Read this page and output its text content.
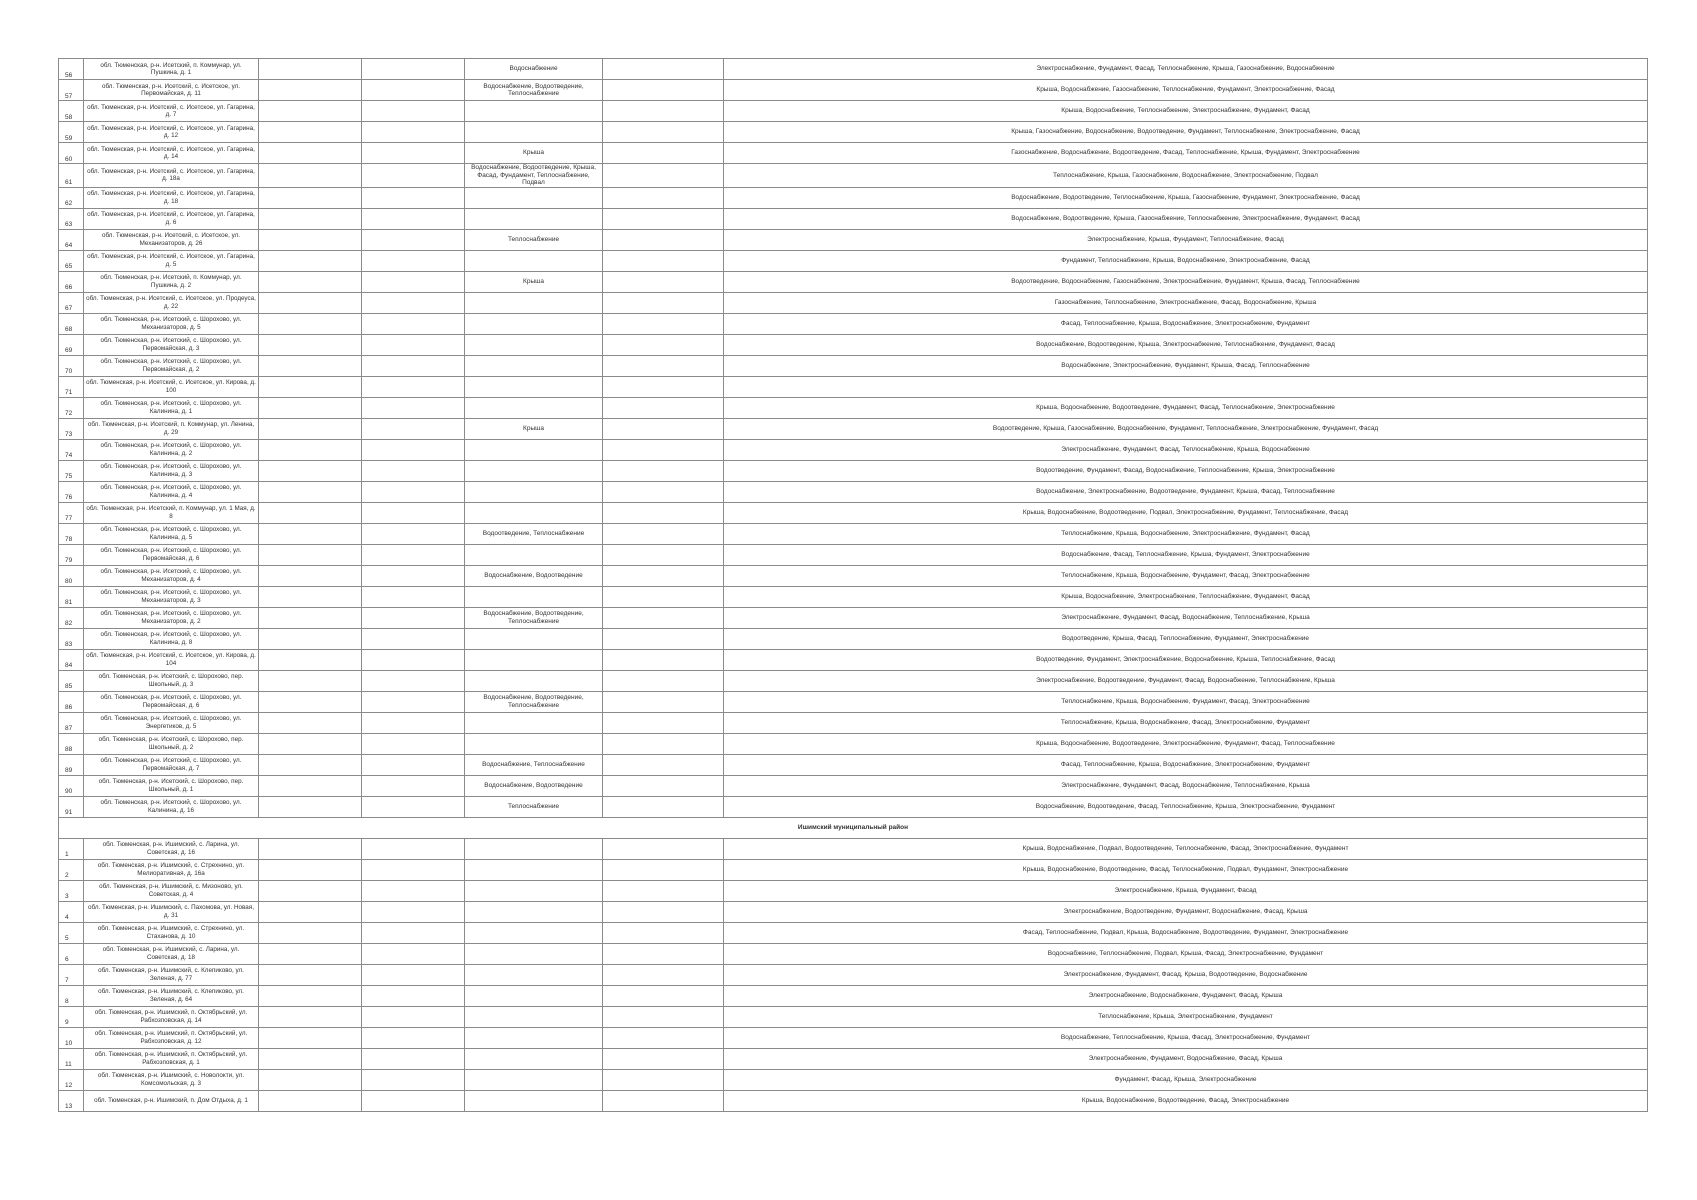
56	обл. Тюменская, р-н. Исетский, п. Коммунар, ул. Пушкина, д. 1			Водоснабжение		Электроснабжение, Фундамент, Фасад, Теплоснабжение, Крыша, Газоснабжение, Водоснабжение
57	обл. Тюменская, р-н. Исетский, с. Исетское, ул. Первомайская, д. 11			Водоснабжение, Водоотведение, Теплоснабжение		Крыша, Водоснабжение, Газоснабжение, Теплоснабжение, Фундамент, Электроснабжение, Фасад
58	обл. Тюменская, р-н. Исетский, с. Исетское, ул. Гагарина, д. 7					Крыша, Водоснабжение, Теплоснабжение, Электроснабжение, Фундамент, Фасад
59	обл. Тюменская, р-н. Исетский, с. Исетское, ул. Гагарина, д. 12					Крыша, Газоснабжение, Водоснабжение, Водоотведение, Фундамент, Теплоснабжение, Электроснабжение, Фасад
60	обл. Тюменская, р-н. Исетский, с. Исетское, ул. Гагарина, д. 14			Крыша		Газоснабжение, Водоснабжение, Водоотведение, Фасад, Теплоснабжение, Крыша, Фундамент, Электроснабжение
61	обл. Тюменская, р-н. Исетский, с. Исетское, ул. Гагарина, д. 18а			Водоснабжение, Водоотведение, Крыша, Фасад, Фундамент, Теплоснабжение, Подвал		Теплоснабжение, Крыша, Газоснабжение, Водоснабжение, Электроснабжение, Подвал
62	обл. Тюменская, р-н. Исетский, с. Исетское, ул. Гагарина, д. 18					Водоснабжение, Водоотведение, Теплоснабжение, Крыша, Газоснабжение, Фундамент, Электроснабжение, Фасад
63	обл. Тюменская, р-н. Исетский, с. Исетское, ул. Гагарина, д. 6					Водоснабжение, Водоотведение, Крыша, Газоснабжение, Теплоснабжение, Электроснабжение, Фундамент, Фасад
64	обл. Тюменская, р-н. Исетский, с. Исетское, ул. Механизаторов, д. 26			Теплоснабжение		Электроснабжение, Крыша, Фундамент, Теплоснабжение, Фасад
65	обл. Тюменская, р-н. Исетский, с. Исетское, ул. Гагарина, д. 5					Фундамент, Теплоснабжение, Крыша, Водоснабжение, Электроснабжение, Фасад
66	обл. Тюменская, р-н. Исетский, п. Коммунар, ул. Пушкина, д. 2			Крыша		Водоотведение, Водоснабжение, Газоснабжение, Электроснабжение, Фундамент, Крыша, Фасад, Теплоснабжение
67	обл. Тюменская, р-н. Исетский, с. Исетское, ул. Продеуса, д. 22					Газоснабжение, Теплоснабжение, Электроснабжение, Фасад, Водоснабжение, Крыша
68	обл. Тюменская, р-н. Исетский, с. Шорохово, ул. Механизаторов, д. 5					Фасад, Теплоснабжение, Крыша, Водоснабжение, Электроснабжение, Фундамент
69	обл. Тюменская, р-н. Исетский, с. Шорохово, ул. Первомайская, д. 3					Водоснабжение, Водоотведение, Крыша, Электроснабжение, Теплоснабжение, Фундамент, Фасад
70	обл. Тюменская, р-н. Исетский, с. Шорохово, ул. Первомайская, д. 2					Водоснабжение, Электроснабжение, Фундамент, Крыша, Фасад, Теплоснабжение
71	обл. Тюменская, р-н. Исетский, с. Исетское, ул. Кирова, д. 100					
72	обл. Тюменская, р-н. Исетский, с. Шорохово, ул. Калинина, д. 1					Крыша, Водоснабжение, Водоотведение, Фундамент, Фасад, Теплоснабжение, Электроснабжение
73	обл. Тюменская, р-н. Исетский, п. Коммунар, ул. Ленина, д. 29			Крыша		Водоотведение, Крыша, Газоснабжение, Водоснабжение, Фундамент, Теплоснабжение, Электроснабжение, Фундамент, Фасад
74	обл. Тюменская, р-н. Исетский, с. Шорохово, ул. Калинина, д. 2					Электроснабжение, Фундамент, Фасад, Теплоснабжение, Крыша, Водоснабжение
75	обл. Тюменская, р-н. Исетский, с. Шорохово, ул. Калинина, д. 3					Водоотведение, Фундамент, Фасад, Водоснабжение, Теплоснабжение, Крыша, Электроснабжение
76	обл. Тюменская, р-н. Исетский, с. Шорохово, ул. Калинина, д. 4					Водоснабжение, Электроснабжение, Водоотведение, Фундамент, Крыша, Фасад, Теплоснабжение
77	обл. Тюменская, р-н. Исетский, п. Коммунар, ул. 1 Мая, д. 8					Крыша, Водоснабжение, Водоотведение, Подвал, Электроснабжение, Фундамент, Теплоснабжение, Фасад
78	обл. Тюменская, р-н. Исетский, с. Шорохово, ул. Калинина, д. 5			Водоотведение, Теплоснабжение		Теплоснабжение, Крыша, Водоснабжение, Электроснабжение, Фундамент, Фасад
79	обл. Тюменская, р-н. Исетский, с. Шорохово, ул. Первомайская, д. 6					Водоснабжение, Фасад, Теплоснабжение, Крыша, Фундамент, Электроснабжение
80	обл. Тюменская, р-н. Исетский, с. Шорохово, ул. Механизаторов, д. 4			Водоснабжение, Водоотведение		Теплоснабжение, Крыша, Водоснабжение, Фундамент, Фасад, Электроснабжение
81	обл. Тюменская, р-н. Исетский, с. Шорохово, ул. Механизаторов, д. 3					Крыша, Водоснабжение, Электроснабжение, Теплоснабжение, Фундамент, Фасад
82	обл. Тюменская, р-н. Исетский, с. Шорохово, ул. Механизаторов, д. 2			Водоснабжение, Водоотведение, Теплоснабжение		Электроснабжение, Фундамент, Фасад, Водоснабжение, Теплоснабжение, Крыша
83	обл. Тюменская, р-н. Исетский, с. Шорохово, ул. Калинина, д. 8					Водоотведение, Крыша, Фасад, Теплоснабжение, Фундамент, Электроснабжение
84	обл. Тюменская, р-н. Исетский, с. Исетское, ул. Кирова, д. 104					Водоотведение, Фундамент, Электроснабжение, Водоснабжение, Крыша, Теплоснабжение, Фасад
85	обл. Тюменская, р-н. Исетский, с. Шорохово, пер. Школьный, д. 3					Электроснабжение, Водоотведение, Фундамент, Фасад, Водоснабжение, Теплоснабжение, Крыша
86	обл. Тюменская, р-н. Исетский, с. Шорохово, ул. Первомайская, д. 6			Водоснабжение, Водоотведение, Теплоснабжение		Теплоснабжение, Крыша, Водоснабжение, Фундамент, Фасад, Электроснабжение
87	обл. Тюменская, р-н. Исетский, с. Шорохово, ул. Энергетиков, д. 5					Теплоснабжение, Крыша, Водоснабжение, Фасад, Электроснабжение, Фундамент
88	обл. Тюменская, р-н. Исетский, с. Шорохово, пер. Школьный, д. 2					Крыша, Водоснабжение, Водоотведение, Электроснабжение, Фундамент, Фасад, Теплоснабжение
89	обл. Тюменская, р-н. Исетский, с. Шорохово, ул. Первомайская, д. 7			Водоснабжение, Теплоснабжение		Фасад, Теплоснабжение, Крыша, Водоснабжение, Электроснабжение, Фундамент
90	обл. Тюменская, р-н. Исетский, с. Шорохово, пер. Школьный, д. 1			Водоснабжение, Водоотведение		Электроснабжение, Фундамент, Фасад, Водоснабжение, Теплоснабжение, Крыша
91	обл. Тюменская, р-н. Исетский, с. Шорохово, ул. Калинина, д. 16			Теплоснабжение		Водоснабжение, Водоотведение, Фасад, Теплоснабжение, Крыша, Электроснабжение, Фундамент
Ишимский муниципальный район						
1	обл. Тюменская, р-н. Ишимский, с. Ларина, ул. Советская, д. 16					Крыша, Водоснабжение, Подвал, Водоотведение, Теплоснабжение, Фасад, Электроснабжение, Фундамент
2	обл. Тюменская, р-н. Ишимский, с. Стрехнино, ул. Мелиоративная, д. 16а					Крыша, Водоснабжение, Водоотведение, Фасад, Теплоснабжение, Подвал, Фундамент, Электроснабжение
3	обл. Тюменская, р-н. Ишимский, с. Мизоново, ул. Советская, д. 4					Электроснабжение, Крыша, Фундамент, Фасад
4	обл. Тюменская, р-н. Ишимский, с. Пахомова, ул. Новая, д. 31					Электроснабжение, Водоотведение, Фундамент, Водоснабжение, Фасад, Крыша
5	обл. Тюменская, р-н. Ишимский, с. Стрехнино, ул. Стаханова, д. 10					Фасад, Теплоснабжение, Подвал, Крыша, Водоснабжение, Водоотведение, Фундамент, Электроснабжение
6	обл. Тюменская, р-н. Ишимский, с. Ларина, ул. Советская, д. 18					Водоснабжение, Теплоснабжение, Подвал, Крыша, Фасад, Электроснабжение, Фундамент
7	обл. Тюменская, р-н. Ишимский, с. Клепиково, ул. Зеленая, д. 77					Электроснабжение, Фундамент, Фасад, Крыша, Водоотведение, Водоснабжение
8	обл. Тюменская, р-н. Ишимский, с. Клепиково, ул. Зеленая, д. 64					Электроснабжение, Водоснабжение, Фундамент, Фасад, Крыша
9	обл. Тюменская, р-н. Ишимский, п. Октябрьский, ул. Рабхозповская, д. 14					Теплоснабжение, Крыша, Электроснабжение, Фундамент
10	обл. Тюменская, р-н. Ишимский, п. Октябрьский, ул. Рабхозповская, д. 12					Водоснабжение, Теплоснабжение, Крыша, Фасад, Электроснабжение, Фундамент
11	обл. Тюменская, р-н. Ишимский, п. Октябрьский, ул. Рабхозповская, д. 1					Электроснабжение, Фундамент, Водоснабжение, Фасад, Крыша
12	обл. Тюменская, р-н. Ишимский, с. Новолокти, ул. Комсомольская, д. 3					Фундамент, Фасад, Крыша, Электроснабжение
13	обл. Тюменская, р-н. Ишимский, п. Дом Отдыха, д. 1					Крыша, Водоснабжение, Водоотведение, Фасад, Электроснабжение
